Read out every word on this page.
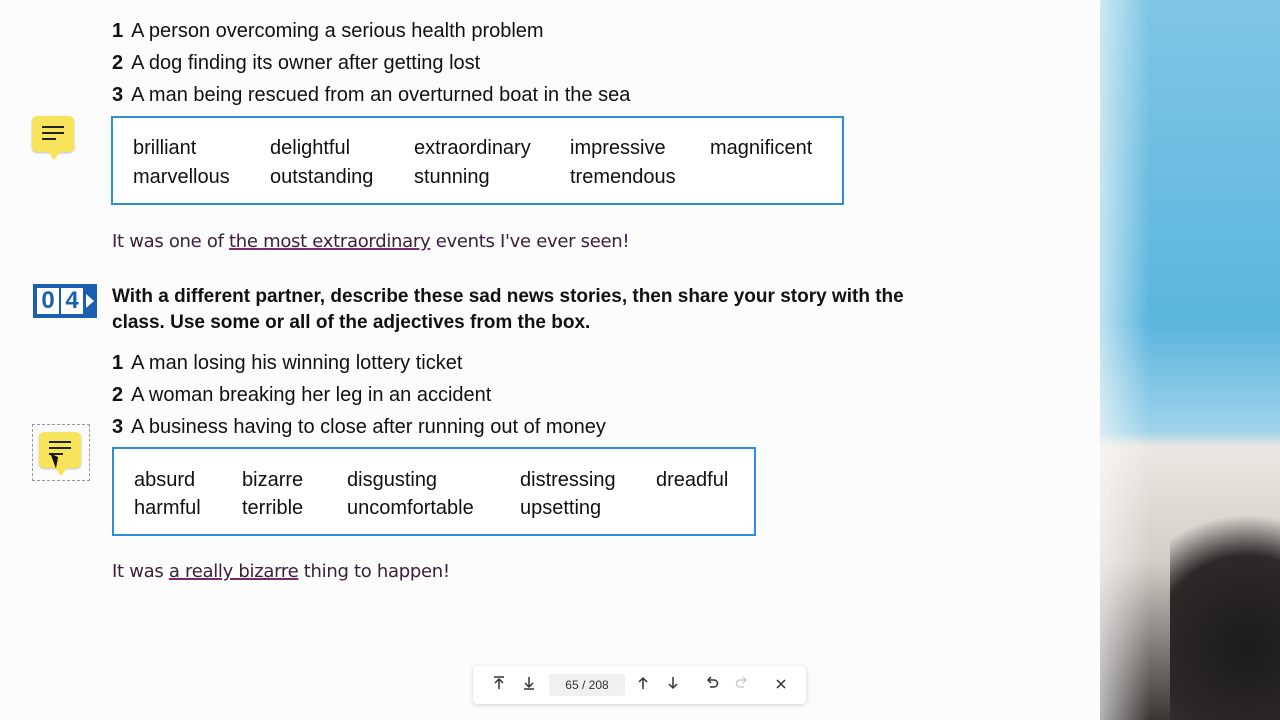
1 A person overcoming a serious health problem
2 A dog finding its owner after getting lost
3 A man being rescued from an overturned boat in the sea
brilliant	delightful	extraordinary impressive magnificent
marvellous outstanding stunning	tremendous
It was one of the most extraordinary events I've ever seen!
0 4 With a different partner, describe these sad news stories, then share your story with the class. Use some or all of the adjectives from the box.
1 A man losing his winning lottery ticket
2 A woman breaking her leg in an accident
3 A business having to close after running out of money
absurd bizarre disgusting	distressing dreadful
harmful terrible uncomfortable upsetting
It was a really bizarre thing to happen!
65 / 208
